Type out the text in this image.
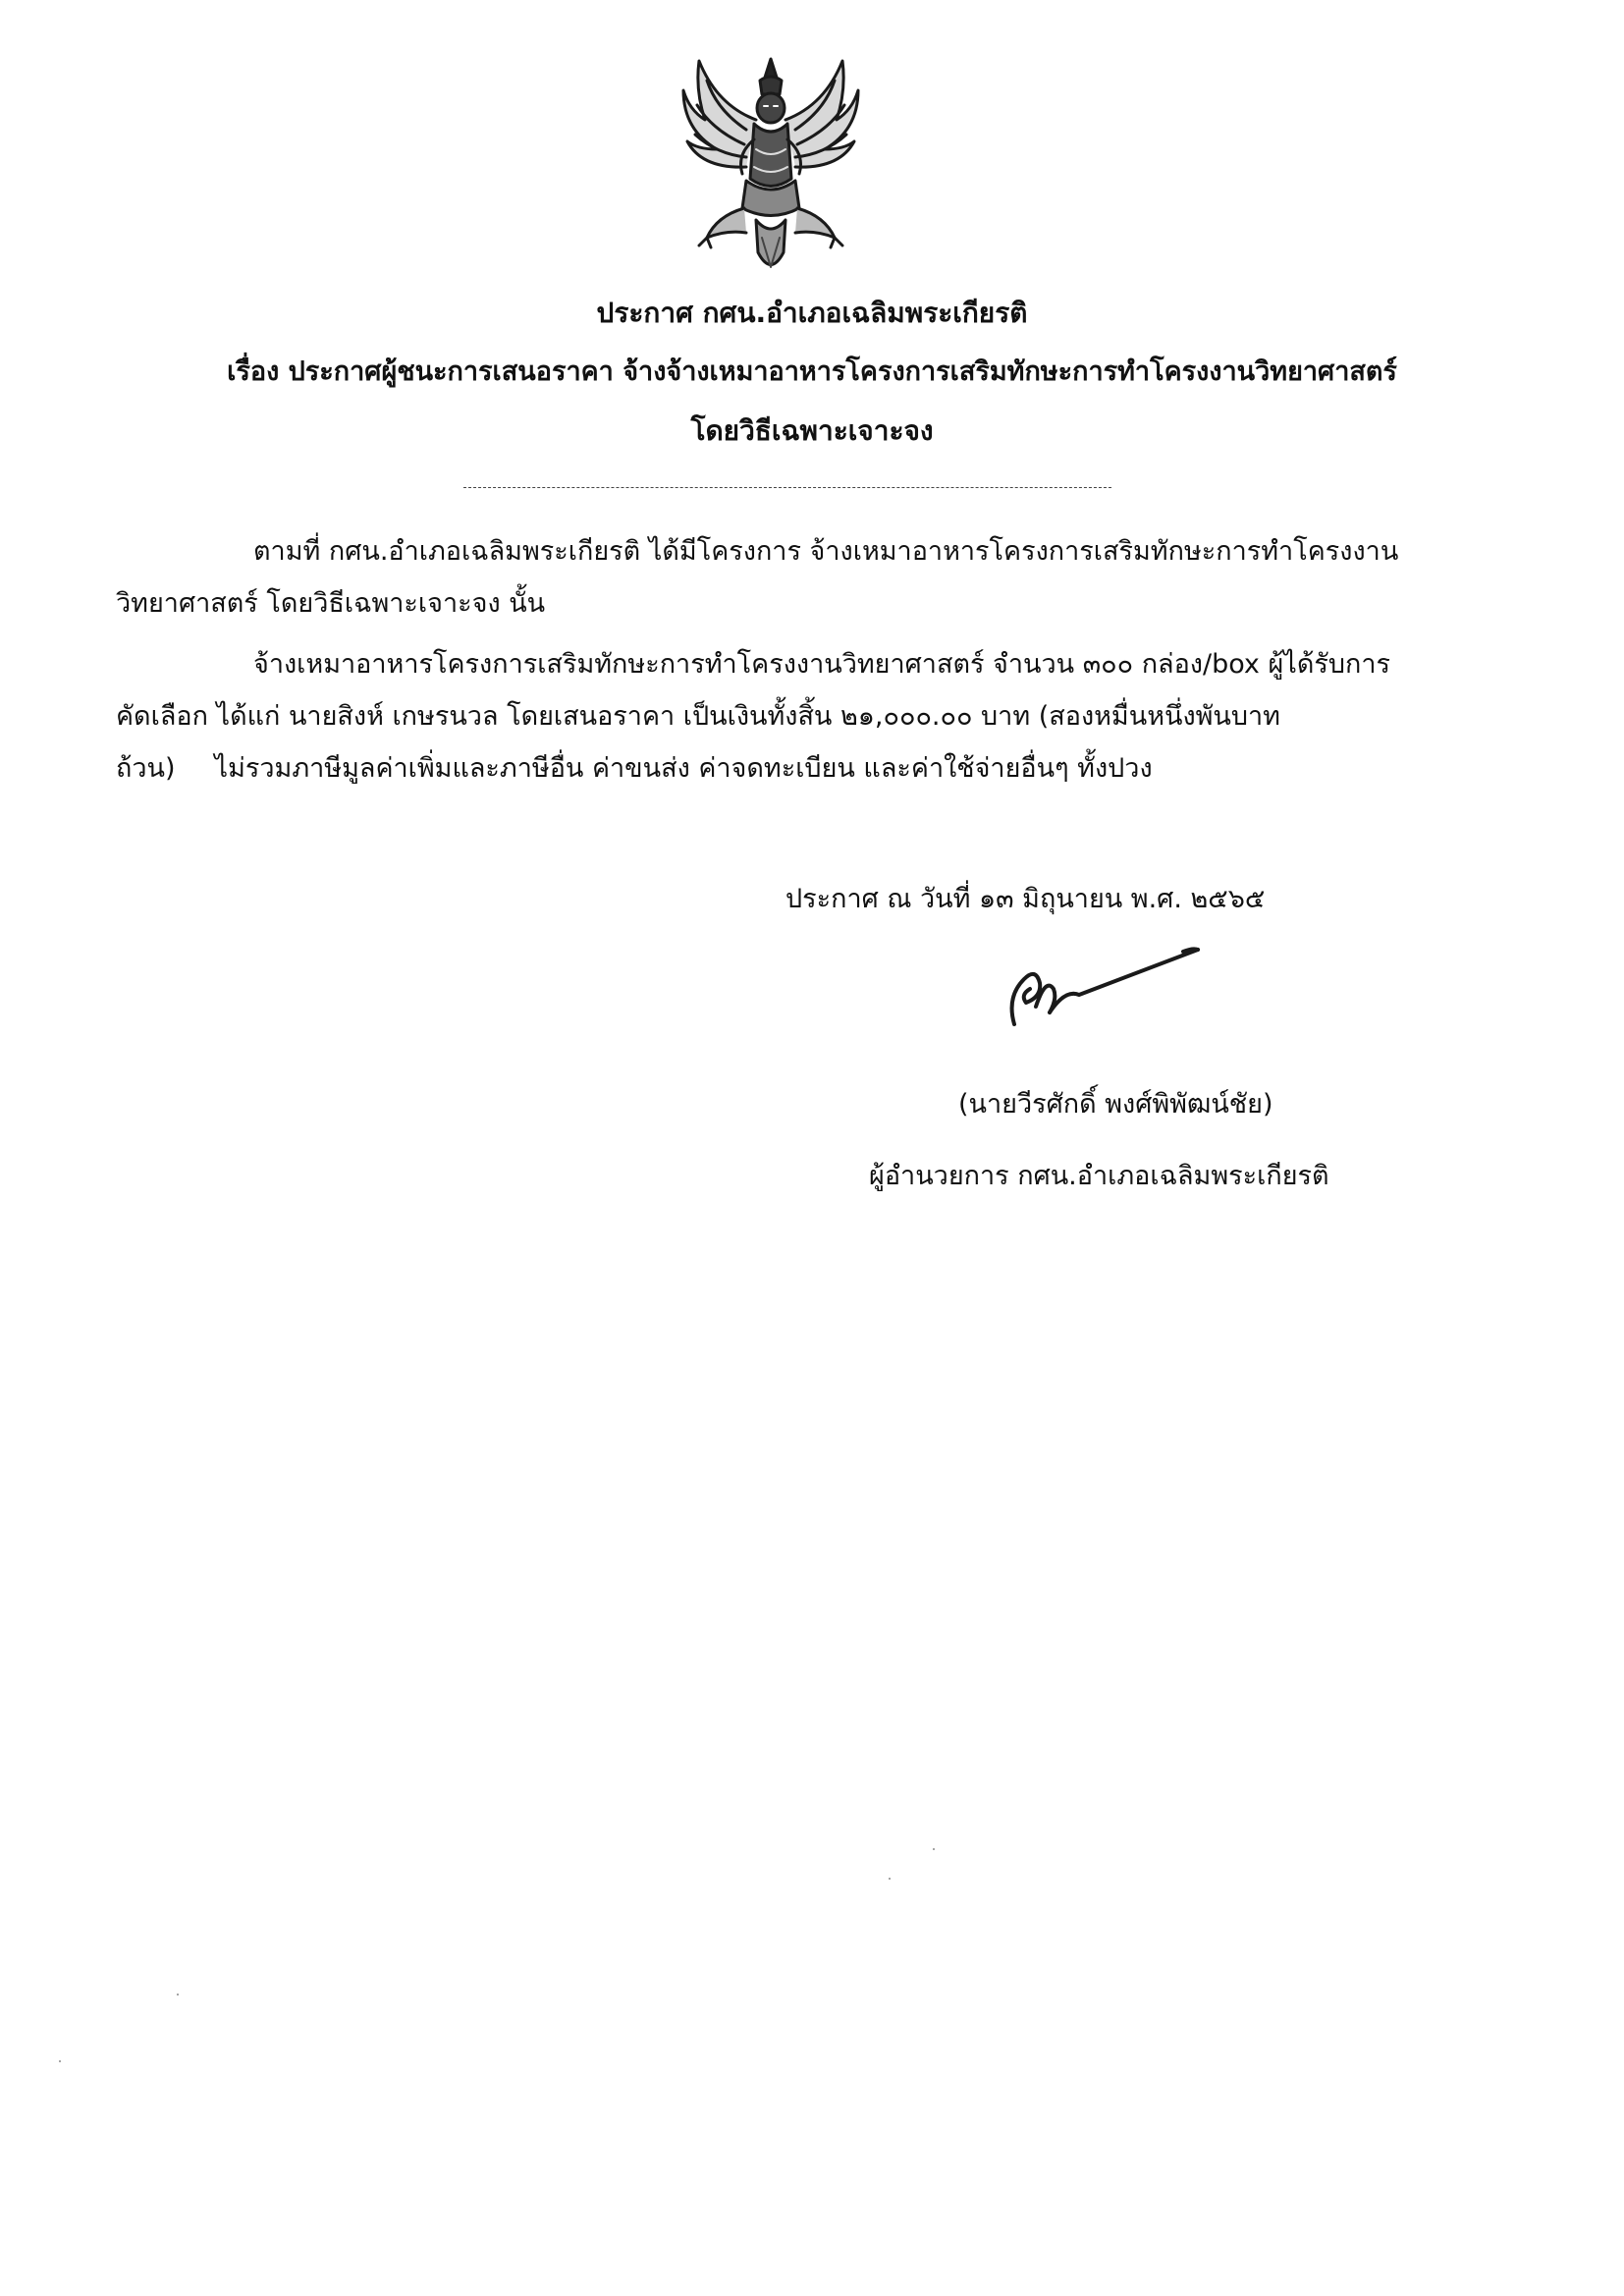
ประกาศ กศน.อำเภอเฉลิมพระเกียรติ
เรื่อง ประกาศผู้ชนะการเสนอราคา จ้างจ้างเหมาอาหารโครงการเสริมทักษะการทำโครงงานวิทยาศาสตร์
โดยวิธีเฉพาะเจาะจง

ตามที่ กศน.อำเภอเฉลิมพระเกียรติ ได้มีโครงการ จ้างเหมาอาหารโครงการเสริมทักษะการทำโครงงาน
วิทยาศาสตร์ โดยวิธีเฉพาะเจาะจง นั้น

จ้างเหมาอาหารโครงการเสริมทักษะการทำโครงงานวิทยาศาสตร์ จำนวน ๓๐๐ กล่อง/box ผู้ได้รับการ
คัดเลือก ได้แก่ นายสิงห์ เกษรนวล โดยเสนอราคา เป็นเงินทั้งสิ้น ๒๑,๐๐๐.๐๐ บาท (สองหมื่นหนึ่งพันบาท
ถ้วน) ไม่รวมภาษีมูลค่าเพิ่มและภาษีอื่น ค่าขนส่ง ค่าจดทะเบียน และค่าใช้จ่ายอื่นๆ ทั้งปวง

ประกาศ ณ วันที่ ๑๓ มิถุนายน พ.ศ. ๒๕๖๕
(นายวีรศักดิ์ พงศ์พิพัฒน์ชัย)
ผู้อำนวยการ กศน.อำเภอเฉลิมพระเกียรติ
